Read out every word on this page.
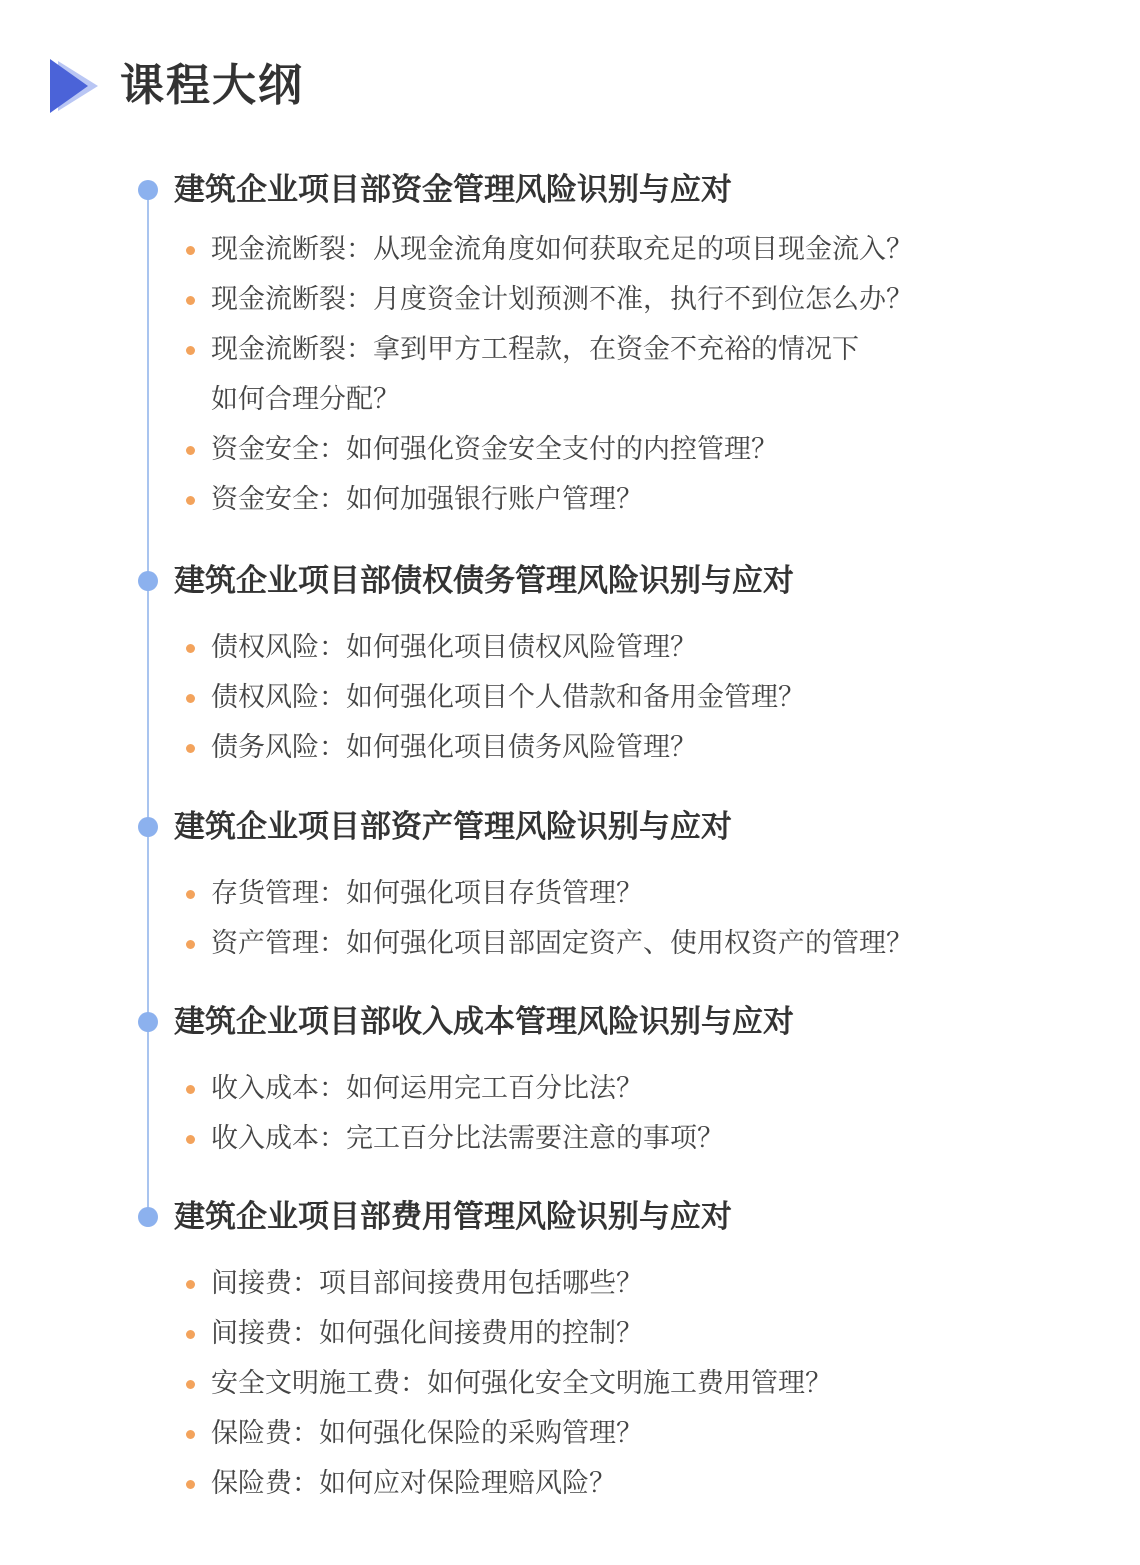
课程大纲
建筑企业项目部资金管理风险识别与应对
现金流断裂：从现金流角度如何获取充足的项目现金流入？
现金流断裂：月度资金计划预测不准，执行不到位怎么办？
现金流断裂：拿到甲方工程款，在资金不充裕的情况下
如何合理分配？
资金安全：如何强化资金安全支付的内控管理？
资金安全：如何加强银行账户管理？
建筑企业项目部债权债务管理风险识别与应对
债权风险：如何强化项目债权风险管理？
债权风险：如何强化项目个人借款和备用金管理？
债务风险：如何强化项目债务风险管理？
建筑企业项目部资产管理风险识别与应对
存货管理：如何强化项目存货管理？
资产管理：如何强化项目部固定资产、使用权资产的管理？
建筑企业项目部收入成本管理风险识别与应对
收入成本：如何运用完工百分比法？
收入成本：完工百分比法需要注意的事项？
建筑企业项目部费用管理风险识别与应对
间接费：项目部间接费用包括哪些？
间接费：如何强化间接费用的控制？
安全文明施工费：如何强化安全文明施工费用管理？
保险费：如何强化保险的采购管理？
保险费：如何应对保险理赔风险？
